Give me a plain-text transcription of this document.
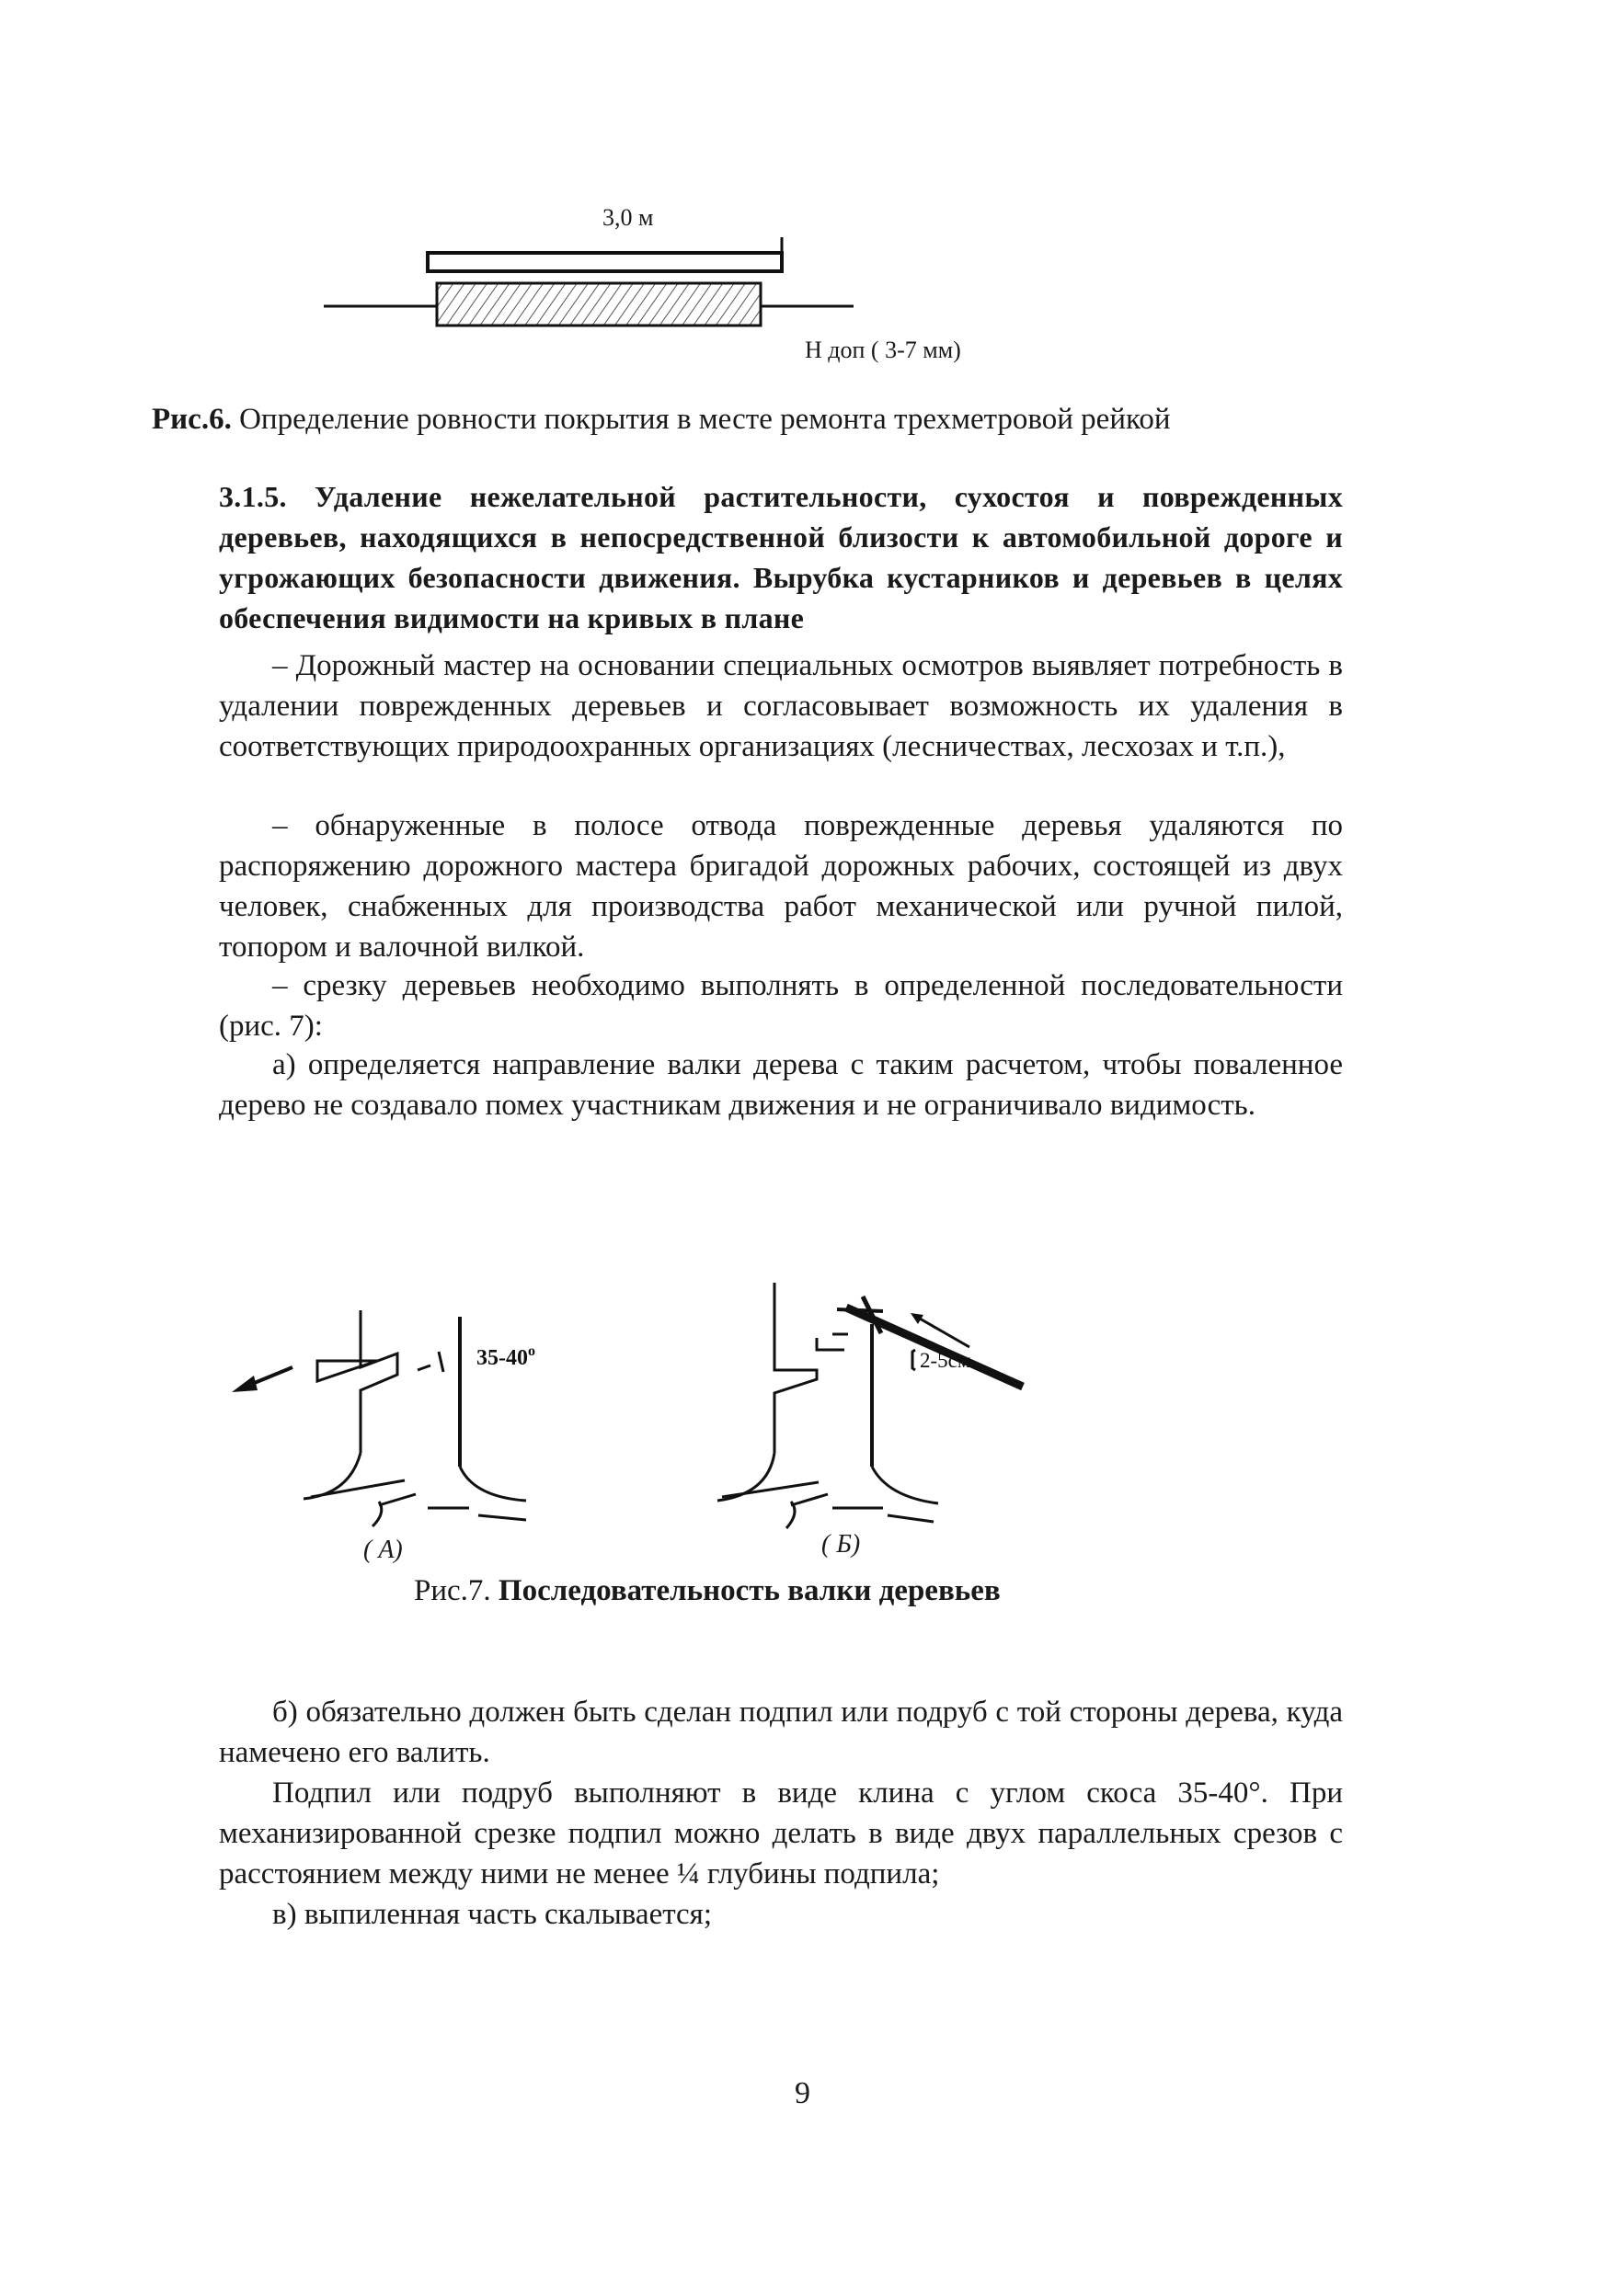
3,0 м
Н доп ( 3-7 мм)
Рис.6. Определение ровности покрытия в месте ремонта трехметровой рейкой
3.1.5. Удаление нежелательной растительности, сухостоя и поврежденных деревьев, находящихся в непосредственной близости к автомобильной дороге и угрожающих безопасности движения. Вырубка кустарников и деревьев в целях обеспечения видимости на кривых в плане
– Дорожный мастер на основании специальных осмотров выявляет потребность в удалении поврежденных деревьев и согласовывает возможность их удаления в соответствующих природоохранных организациях (лесничествах, лесхозах и т.п.),
– обнаруженные в полосе отвода поврежденные деревья удаляются по распоряжению дорожного мастера бригадой дорожных рабочих, состоящей из двух человек, снабженных для производства работ механической или ручной пилой, топором и валочной вилкой.
– срезку деревьев необходимо выполнять в определенной последовательности (рис. 7):
а) определяется направление валки дерева с таким расчетом, чтобы поваленное дерево не создавало помех участникам движения и не ограничивало видимость.
$35-40^о$	2-5см
( А)	( Б)
Рис.7. Последовательность валки деревьев
б) обязательно должен быть сделан подпил или подруб с той стороны дерева, куда намечено его валить.
Подпил или подруб выполняют в виде клина с углом скоса 35-40°. При механизированной срезке подпил можно делать в виде двух параллельных срезов с расстоянием между ними не менее ¼ глубины подпила;
в) выпиленная часть скалывается;
9
